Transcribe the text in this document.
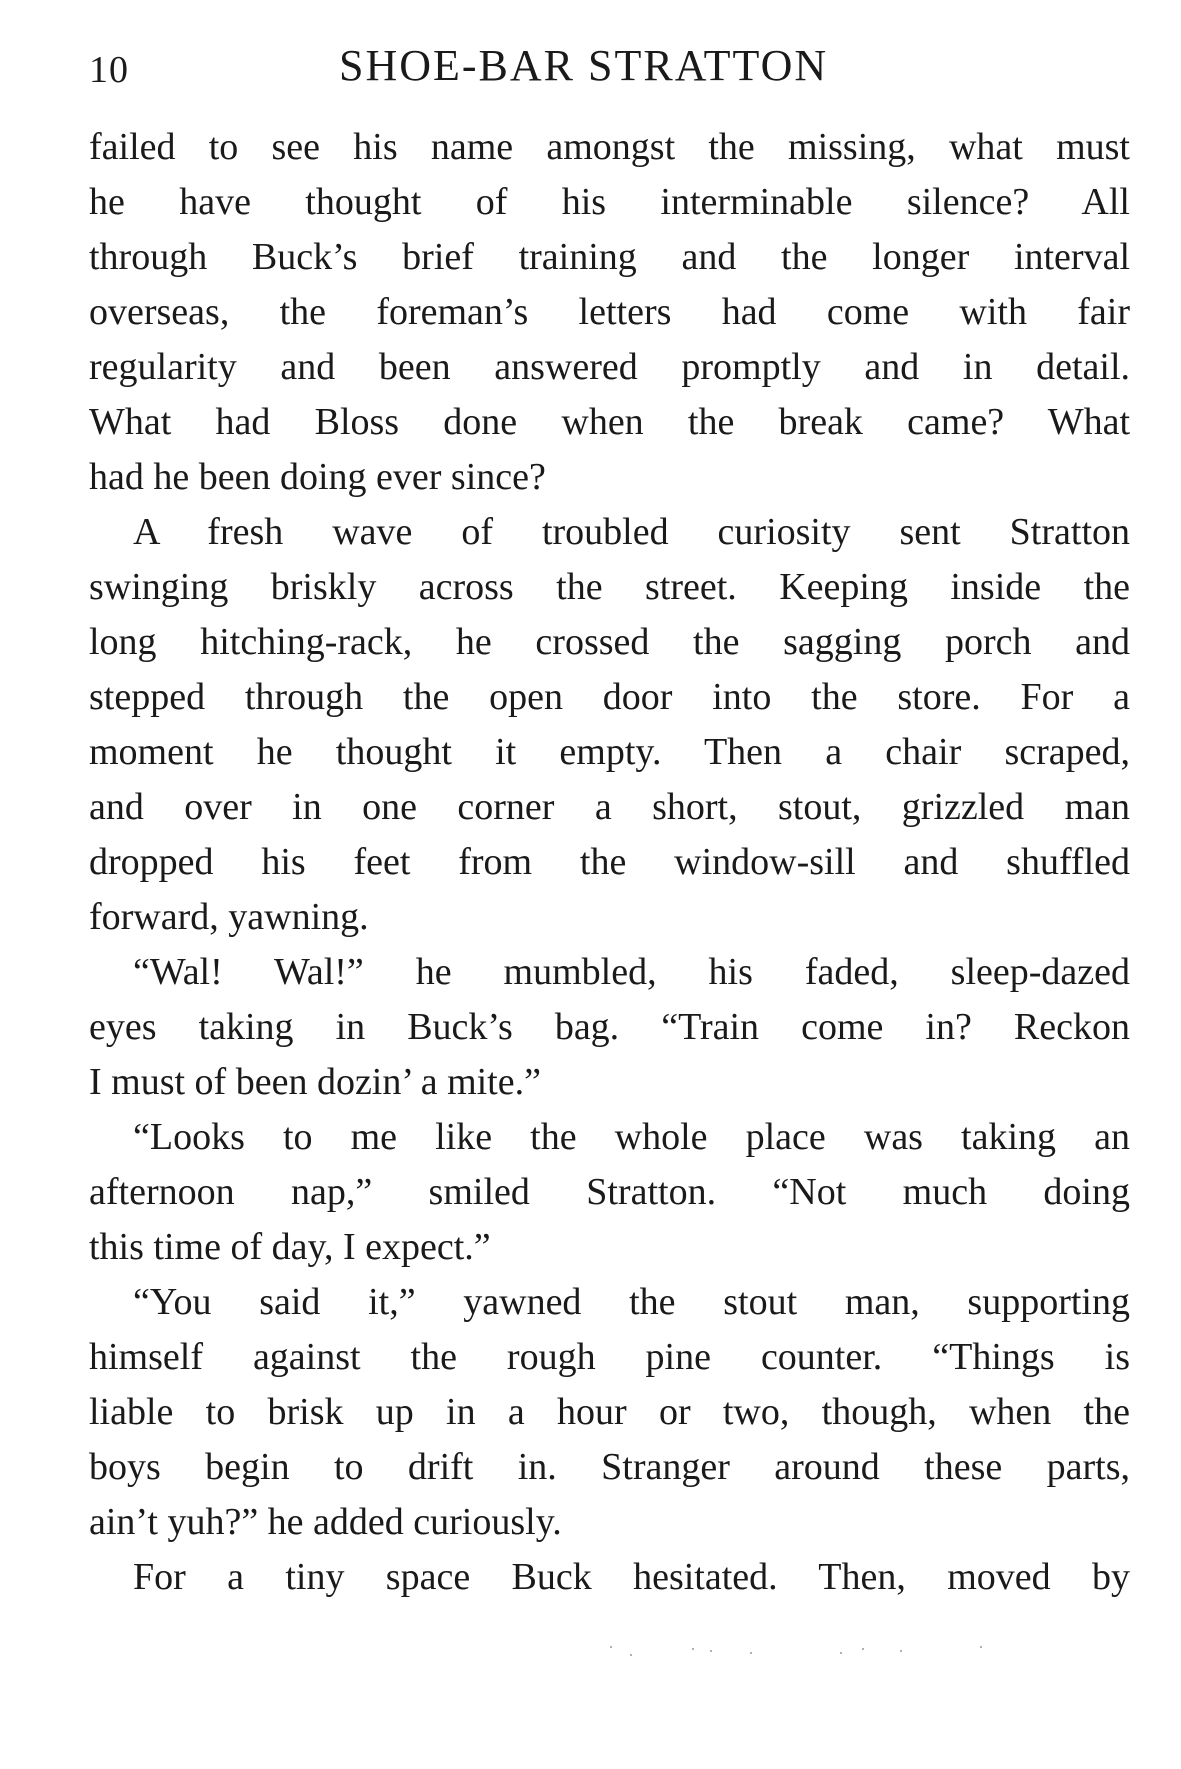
10	SHOE-BAR STRATTON
failed to see his name amongst the missing, what must
he have thought of his interminable silence? All
through Buck’s brief training and the longer interval
overseas, the foreman’s letters had come with fair
regularity and been answered promptly and in detail.
What had Bloss done when the break came? What
had he been doing ever since?
A fresh wave of troubled curiosity sent Stratton
swinging briskly across the street. Keeping inside the
long hitching-rack, he crossed the sagging porch and
stepped through the open door into the store. For a
moment he thought it empty. Then a chair scraped,
and over in one corner a short, stout, grizzled man
dropped his feet from the window-sill and shuffled
forward, yawning.
“Wal! Wal!” he mumbled, his faded, sleep-dazed
eyes taking in Buck’s bag. “Train come in? Reckon
I must of been dozin’ a mite.”
“Looks to me like the whole place was taking an
afternoon nap,” smiled Stratton. “Not much doing
this time of day, I expect.”
“You said it,” yawned the stout man, supporting
himself against the rough pine counter. “Things is
liable to brisk up in a hour or two, though, when the
boys begin to drift in. Stranger around these parts,
ain’t yuh?” he added curiously.
For a tiny space Buck hesitated. Then, moved by
